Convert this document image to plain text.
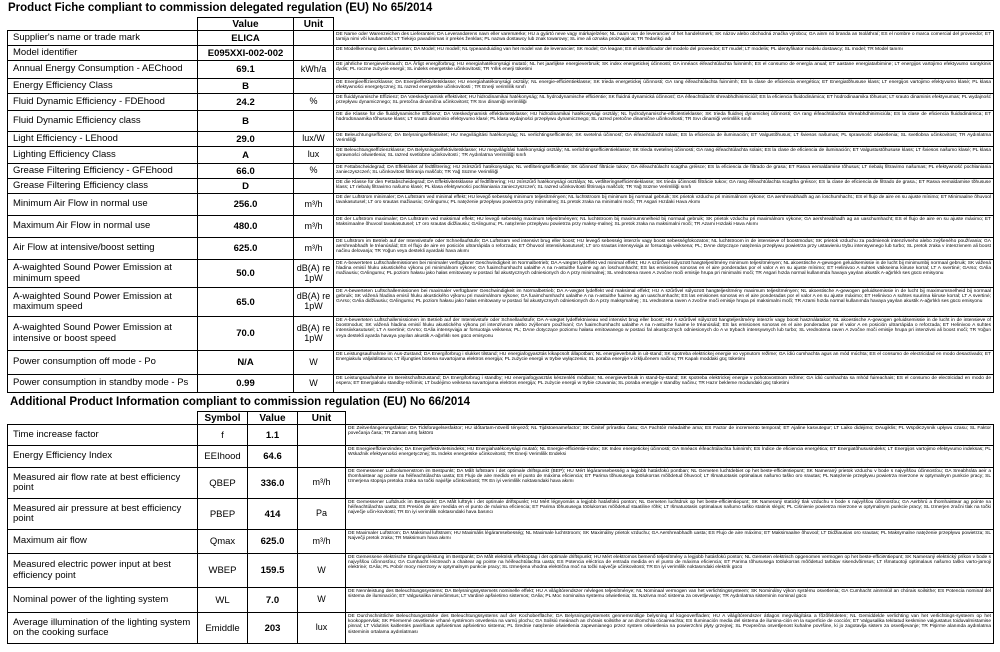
Product Fiche compliant to commission delegated regulation (EU) No 65/2014
	Value	Unit	
Supplier's name or trade mark	ELICA		DE Name oder Warenzeichen des Lieferanten; DA Leverandørens navn eller varemærke; HU a gyártó neve vagy márkajelzése; NL naam van de leverancier of het handelsmerk; SK názov alebo obchodná značka výrobcu; GA ainm nó branda an tsoláthraí; ES el nombre o marca comercial del proveedor; ET tarnija nimi või kaubamärk; LT Tiekėjo pavadinimas ir prekės ženklas; PL nazwa dostawcy lub znak towarowy; SL ime ali oznaka proizvajalca; TR Tedarikçi adı
Model identifier	E095XXI-002-002		DE Modellkennung des Lieferanten; DA Model; HU modell; NL typeaanduiding van het model van de leverancier; SK model; GA leagan; ES el identificador del modelo del proveedor; ET mudel; LT modelis; PL identyfikator modelu dostawcy; SL model; TR Model tanımı
Annual Energy Consumption - AEChood	69.1	kWh/a	DE jährliche Energieverbrauch; DA Årligt energiforbrug; HU energiahatékonysági mutató; NL het jaarlijkse energieverbruik; SK index energetickej účinnosti; GA innéacs éifeachtúlachta fuinnimh; ES el consumo de energía anual; ET aastane energiatarbimine; LT energijos vartojimo efektyvumo santykinis dydis; PL roczne zużycie energii; SL indeks energetske učinkovitosti; TR Yıllık enerji tüketimi
Energy Efficiency Class	B		DE Energieeffizienzklasse; DA Energieffektivitetsklasse; HU energiahatékonysági osztály; NL energie-efficiëntieklasse; SK trieda energetickej účinnosti; GA rang éifeachtúlachta fuinnimh; ES la clase de eficiencia energética; ET Energiatõhususe klass; LT energijos vartojimo efektyvumo klasė; PL klasa efektywności energetycznej; SL razred energetske učinkovitosti ; TR Enerji verimlilik sınıfı
Fluid Dynamic Efficiency - FDEhood	24.2	%	DE fluiddynamische Effizienz; DA Væskedynamisk effektivitet; HU hidrodinamikai hatékonyság; NL hydrodynamische efficiëntie; SK fluidná dynamická účinnosť; GA éifeachtúlacht shreabhdhinimiciúil; ES la eficiencia fluidodinámica; ET hüdrodinaamika tõhusus; LT srauto dinaminis efektyvumas; PL wydajność przepływu dynamicznego; SL pretočna dinamična učinkovitost; TR Sıvı dinamiği verimliliği
Fluid Dynamic Efficiency class	B		DE die Klasse für die fluiddynamische Effizienz; DA Væskedynamisk effektivitetsklasse; HU hidrodinamikai hatékonysági osztály; NL hydrodynamische-efficiëntieklasse; SK trieda fluidnej dynamickej účinnosti; GA rang éifeachtúlachta shreabhdhinimiciúla; ES la clase de eficiencia fluidodinámica; ET hüdrodünaamika tõhususe klass; LT srauto dinaminio efektyvumo klasė; PL klasa wydajności przepływu dynamicznego; SL razred pretočne dinamične učinkovitosti; TR Sıvı dinamiği verimlilik sınıfı
Light Efficiency - LEhood	29.0	lux/W	DE Beleuchtungseffizienz; DA Belysningseffektivitet; HU megvilágítási hatékonyság; NL verlichtingsefficiëntie; SK svetelná účinnosť; GA éifeachtúlacht solais; ES la eficiencia de iluminación; ET Valgustõhusus; LT šviesos našumas; PL sprawność oświetlenia; SL svetlobna učinkovitost; TR Aydınlatma Verimliliği
Lighting Efficiency Class	A	lux	DE Beleuchtungseffizienzklasse; DA Belysningseffektivitetsklasse; HU megvilágítási hatékonysági osztály; NL verlichtingsefficiëntieklasse; SK trieda svetelnej účinnosti; GA rang éifeachtúlachta solais; ES la clase de eficiencia de iluminación; ET Valgustustõhususe klass; LT šviesos našumo klasė; PL klasa sprawności oświetlenia; SL razred svetlobne učinkovitosti ; TR Aydınlatma Verimliliği sınıfı
Grease Filtering Efficiency - GFEhood	66.0	%	DE Fettabscheidegrad; DA Effektivitet af fedtfiltrering; HU zsírszűrő hatékonysága; NL vetfilteringsefficiëntie; SK účinnosť filtrácie tukov; GA éifeachtúlacht scagtha gréisce; ES la eficiencia de filtrado de grasa; ET Rasva eemaldamise tõhusus; LT riebalų filtravimo našumas; PL efektywność pochłaniania zanieczyszczeń; SL učinkovitost filtriranja maščob; TR Yağ Süzme Verimliliği
Grease Filtering Efficiency class	D		DE die Klasse für den Fettabscheidegrad; DA Effektivitetsklasse af fedtfiltrering; HU zsírszűrő hatékonysági osztálya; NL vetfilteringsefficiëntieklasse; SK trieda účinnosti filtrácie tukov; GA rang éifeachtúlachta scagtha gréisce; ES la clase de eficiencia de filtrado de grasa.; ET Rasva eemaldamise tõhususe klass; LT riebalų filtravimo našumo klasė; PL klasa efektywności pochłaniania zanieczyszczeń; SL razred učinkovitosti filtriranja maščob; TR Yağ Süzme Verimliliği sınıfı
Minimum Air Flow in normal use	256.0	m³/h	DE der Luftstrom minimaler; DA Luftstrøm ved minimal effekt; HU levegő sebesség minimum teljesítményen; NL luchtstroom bij minimum bij normaal gebruik; SK prietok vzduchu pri minimálnom výkone; GA aershreabhadh ag an íoschumhacht.; ES el flujo de aire en su ajuste mínimo; ET Minimaalne õhuvool tavakasutusel; LT oro srautas mažiausiu; GAlingumu; PL natężenie przepływu powietrza przy minimalnej; SL pretok zraka na minimalni moči; TR Asgari Hızdaki Hava Akımı
Maximum Air Flow in normal use	480.0	m³/h	DE der Luftstrom maximaler; DA Luftstrøm ved maksimal effekt; HU levegő sebesség maximum teljesítményen; NL luchtstroom bij maximumsnelheid bij normaal gebruik; SK prietok vzduchu pri maximálnom výkone; GA aershreabhadh ag an uaschumhacht; ES el flujo de aire en su ajuste máximo; ET Maksimaalne õhuvool tavakasutusel; LT oro srautas didžiausiu; GAlingumu; PL natężenie przepływu powietrza przy maksy-malnej; SL pretok zraka na maksimalni moči; TR Azami Hızdaki Hava Akımı
Air Flow at intensive/boost setting	625.0	m³/h	DE Luftstrom im Betrieb auf der Intensivstufe oder Schnellaufstufe; DA Luftstrøm ved intensivt brug eller boost; HU levegő sebesség intenzív vagy boost sebességfokozaton; NL luchtstroom in de intensieve of boostmodus; SK prietok vzduchu za podmienok intenzívneho alebo zvýšeného používania; GA aershreabhadh le tréanúsáid; ES el flujo de aire en posición ultrarrápida o reforzada; ET Õhuvool intensiivkasutusel; LT oro srautas intensyviąja ar forsuotąja veiksena; PL; DAne dotyczące natężenia przepływu powietrza przy ustawieniu trybu intensywnego lub turbo; SL pretok zraka v intenzivnem ali boost načinu delovanja; TR Yoğun veya destekli ayardaki hava akımı
A-waighted Sound Power Emission at minimum speed	50.0	dB(A) re 1pW	DE A-bewerteten Luftschallemissionen bei minimaler verfügbarer Geschwindigkeit im Normalbetrieb; DA A-vægtet lydeffekt ved minimal effekt; HU A szűrővel súlyozott hangteljesítmény minimum teljesítményen; NL akoestische A-gewogen geluidsemissie in de lucht bij minimumbij normaal gebruik; SK vážená hladina emisií hluku akustického výkonu pri minimálnom výkone; GA fuaimchumhacht ualaithe A na n-astuithe fuaime ag an íoschumhacht; ES las emisiones sonoras en el aire ponderadas por el valor A en su ajuste mínimo; ET Helinivoo A suhtes väikseima kiiruse korral; LT A svertinė; GArso; GAlia mažiausiu; GAlingumu; PL poziom hałasu jako hałas emitowany w postaci fal akustycznych odniesionych do A przy minimalnej; SL vrednotena raven A zvočne moči emisije hrupa pri minimalni moči; TR Asgari hızda normal kullanımda havaya yayılan akustik A-ağırlıklı ses gücü emisyonu
A-waighted Sound Power Emission at maximum speed	65.0	dB(A) re 1pW	DE A-bewerteten Luftschallemissionen bei maximaler verfügbarer Geschwindigkeit im Normalbetrieb; DA A-vægtet lydeffekt ved maksimal effekt; HU A szűrővel súlyozott hangteljesítmény maximum teljesítményen; NL akoestische A-gewogen geluidsemissie in de lucht bij maximumsnelheid bij normaal gebruik; SK vážená hladina emisií hluku akustického výkonu pri maximálnom výkone; GA fuaimchumhacht ualaithe A na n-astuithe fuaime ag an uaschumhacht; ES las emisiones sonoras en el aire ponderadas por el valor A en su ajuste máximo; ET Helinivoo A suhtes suurima kiiruse korral; LT A svertinė; GArso; GAlia didžiausiu; GAlingumu; PL poziom hałasu jako hałas emitowany w postaci fal akustycznych odniesionych do A przy maksymalnej ; SL vrednotena raven A zvočne moči emisije hrupa pri maksimalni moči; TR Azami hızda normal kullanımda havaya yayılan akustik A-ağırlıklı ses gücü emisyonu
A-waighted Sound Power Emission at intensive or boost speed	70.0	dB(A) re 1pW	DE A-bewerteten Luftschallemissionen im Betrieb auf der Intensivstufe oder Schnellaufstufe; DA A-vægtet lydeffektniveau ved intensivt brug eller boost; HU A szűrővel súlyozott hangteljesítmény intenzív vagy boost használatakor; NL akoestische A-gewogen geluidsemissie in de lucht in de intensieve of boostmodus; SK vážená hladina emisií hluku akustického výkonu pri intenzívnom alebo zvýšenom používaní; GA fuaimchumhacht ualaithe A na n-astuithe fuaime le tréanúsáid; ES las emisiones sonoras en el aire ponderadas por el valor A en posición ultrarrápida o reforzada; ET Helinivoo A suhtes intensiivkasutusel; LT A svertinė; GArso; GAlia intensyviąja ar forsuotąja veiksena; PL; DAne dotyczące poziomu hałasu emitowanego w postaci fal akustycznych odniesionych do A w trybach intensywnych lub turbo; SL vrednotena raven A zvočne moči emisije hrupa pri intenzivni ali boost moči; TR Yoğun veya destekli ayarda havaya yayılan akustik A-ağırlıklı ses gücü emisyonu
Power consumption off mode - Po	N/A	W	DE Leistungsaufnahme im Aus-Zustand; DA Energiforbrug i slukket tilstand; HU energiafogyasztás kikapcsolt állapotban; NL energieverbruik in uit-stand; SK spotreba elektrickej energie vo vypnutom režime; GA ídiú cumhachta agus an mód múchta; ES el consumo de electricidad en modo desactivado; ET Energiakulu väljalülitatuna; LT išjungties būsena suvartojama elektros energija; PL zużycie energii w trybie wyłączenia; SL poraba energije v izključenem načinu; TR Kapalı moddaki güç tüketimi
Power consumption in standby mode - Ps	0.99	W	DE Leistungsaufnahme im Bereitschaftszustand; DA Energiforbrug i standby; HU energiafogyasztás készenléti módban; NL energieverbruik in stand-by-stand; SK spotreba elektrickej energie v pohotovostnom režime; GA ídiú cumhachta sa mhód fuireachais; ES el consumo de electricidad en modo de espera; ET Energiakulu standby-režiimis; LT budėjimo veiksena suvartojama elektros energija; PL zużycie energii w trybie czuwania; SL poraba energije v standby načinu; TR Hazır bekleme modundaki güç tüketimi
Additional Product Information compliant to commission regulation (EU) No 66/2014
	Symbol	Value	Unit	
Time increase factor	f	1.1		DE Zeitverlängerungsfaktor; DA Tidsforøgelsesfaktor; HU időtartam-növelő tényező; NL Tijdstoenamefactor; SK Činiteľ prírastku času; GA Fachtóir méadaithe ama; ES Factor de incremento temporal; ET Ajaline kasvutegur; LT Laiko didėjimo; DAugiklis; PL Współczynnik upływu czasu; SL Faktor povečanja časa; TR Zaman artış faktörü
Energy Efficiency Index	EEIhood	64.6		DE Energieeffizienzindex; DA Energieffektivitetsindeks; HU Energiahatékonysági mutató; NL Energie-efficiëntie-index; SK Index energetickej účinnosti; GA Innéacs éifeachtúlachta fuinnimh; ES Índice de eficiencia energética; ET Energiatõhususindeks; LT Energijos vartojimo efektyvumo indeksas; PL Wskaźnik efektywności energetycznej; SL Indeks energetske učinkovitosti; TR Enerji Verimlilik Endeksi
Measured air flow rate at best efficiency point	QBEP	336.0	m³/h	DE Gemessener Luftvolumenstrom im Bestpunkt; DA Målt luftstrøm i det optimale driftspunkt (BEP); HU Mért légáramsebesség a legjobb hatásfokú pontban; NL Gemeten luchtdebiet op het beste-efficiëntiepunt; SK Nameraný prietok vzduchu v bode s najvyššou účinnosťou; GA Sreabhráta aeir a thomhaistear ag pointe na héifeachtúlachta uasta; ES Flujo de aire medido en el punto de máxima eficiencia; ET Parima tõhususega töölukorras mõõdetud õhuvool; LT Išmatuotasis optimalaus našumo taško oro srautas; PL Natężenie przepływu powietrza mierzone w optymalnym punkcie pracy; SL Izmerjena stopnja pretoka zraka na točki najvišje učinkovitosti; TR En iyi verimlilik noktasındaki hava akımı
Measured air pressure at best efficiency point	PBEP	414	Pa	DE Gemessener Luftdruck im Bestpunkt; DA Målt lufttryk i det optimale driftspunkt; HU Mért légnyomás a legjobb hatásfokú ponton; NL Gemeten luchtdruk op het beste-efficiëntiepunt; SK Nameraný statický tlak vzduchu v bode s najvyššou účinnosťou; GA Aerbhrú a thomhaistear ag pointe na héifeachtúlachta uasta; ES Presión de aire medida en el punto de máxima eficiencia; ET Parima tõhususega töölukorras mõõdetud staatiline rõhk; LT Išmatuotasis optimalaus našumo taško statinis slėgis; PL Ciśnienie powietrza mierzone w optymalnym punkcie pracy; SL Izmerjen zračni tlak na točki največje učin-kovitosti; TR En iyi verimlilik noktasındaki hava basıncı
Maximum air flow	Qmax	625.0	m³/h	DE Maximaler Luftstrom; DA Maksimal luftstrøm; HU Maximális légáramsebesség; NL Maximale luchtstroom; SK Maximálny prietok vzduchu; GA Aershreabhadh uasta; ES Flujo de aire máximo; ET Maksimaalne õhuvool; LT Didžiausias oro srautas; PL Maksymalne natężenie przepływu powietrza; SL Največji pretok zraka; TR Maksimum hava akımı
Measured electric power input at best efficiency point	WBEP	159.5	W	DE Gemessene elektrische Eingangsleistung im Bestpunkt; DA Målt elektrisk effektoptag i det optimale driftspunkt; HU Mért elektromos bemenő teljesítmény a legjobb hatásfokú ponton; NL Gemeten elektrisch opgenomen vermogen op het beste-efficiëntiepunt; SK Nameraný elektrický príkon v bode s najvyššou účinnosťou; GA Cumhacht leictreach a chaitear ag pointe na héifeachtúlachta uasta; ES Potencia eléctrica de entrada medida en el punto de máxima eficiencia; ET Parima tõhususega töölukorras mõõdetud tarbitav sisendvõimsus; LT Išmatuotoji optimalaus našumo taško varto-jamoji elektrinė; GAlia; PL Pobór mocy mierzony w optymalnym punkcie pracy; SL Izmerjena vhodna električna moč na točki največje učinkovitosti; TR En iyi verimlilik noktasındaki elektrik gücü
Nominal power of the lighting system	WL	7.0	W	DE Nennleistung des Beleuchtungssystems; DA Belysningssystemets nominelle effekt; HU A világítórendszer névleges teljesítménye; NL Nominaal vermogen van het verlichtingssysteem; SK Nominálny výkon systému osvetlenia; GA Cumhacht ainmniúil an chórais soilsithe; ES Potencia nominal del sistema de iluminación; ET Valgusalika nimivõimsus; LT Vardinė apšvietimo sistemos; GAlia; PL Moc nominalna systemu oświetlenia; SL Nazivna moč sistema za osvetljevanje; TR Aydınlatma sisteminin nominal gücü
Average illumination of the lighting system on the cooking surface	Emiddle	203	lux	DE Durchschnittliche Beleuchtungsstärke des Beleuchtungssystems auf der Kochoberfläche; DA Belysningssystemets gennemsnitlige belysning af kogeoverfladen; HU A világítórendszer átlagos megvilágítása a főzőfelületen; NL Gemiddelde verlichting van het verlichtings-systeem op het kookoppervlak; SK Priemerné osvetlenie vrhané systémom osvetlenia na varnú plochu; GA Soilsiú meánach an chórais soilsithe ar an dromchla cócaireachta; ES Iluminación media del sistema de ilumina-ción en la superficie de cocción; ET Valgusalika tekitatud keskmine valgustatus toiduvalmistamise pinnal; LT Vidutinis kaitlentės paviršiaus apšvietimas apšvietimo sistema; PL Średnie natężenie oświetlenia zapewnianego przez system oświetlenia na powierzchni płyty grzejnej; SL Povprečna osvetljenost kuhalne površine, ki jo zagotavlja sistem za osvetljevanje; TR Pişirme alanında aydınlatma sisteminin ortalama aydınlatması
